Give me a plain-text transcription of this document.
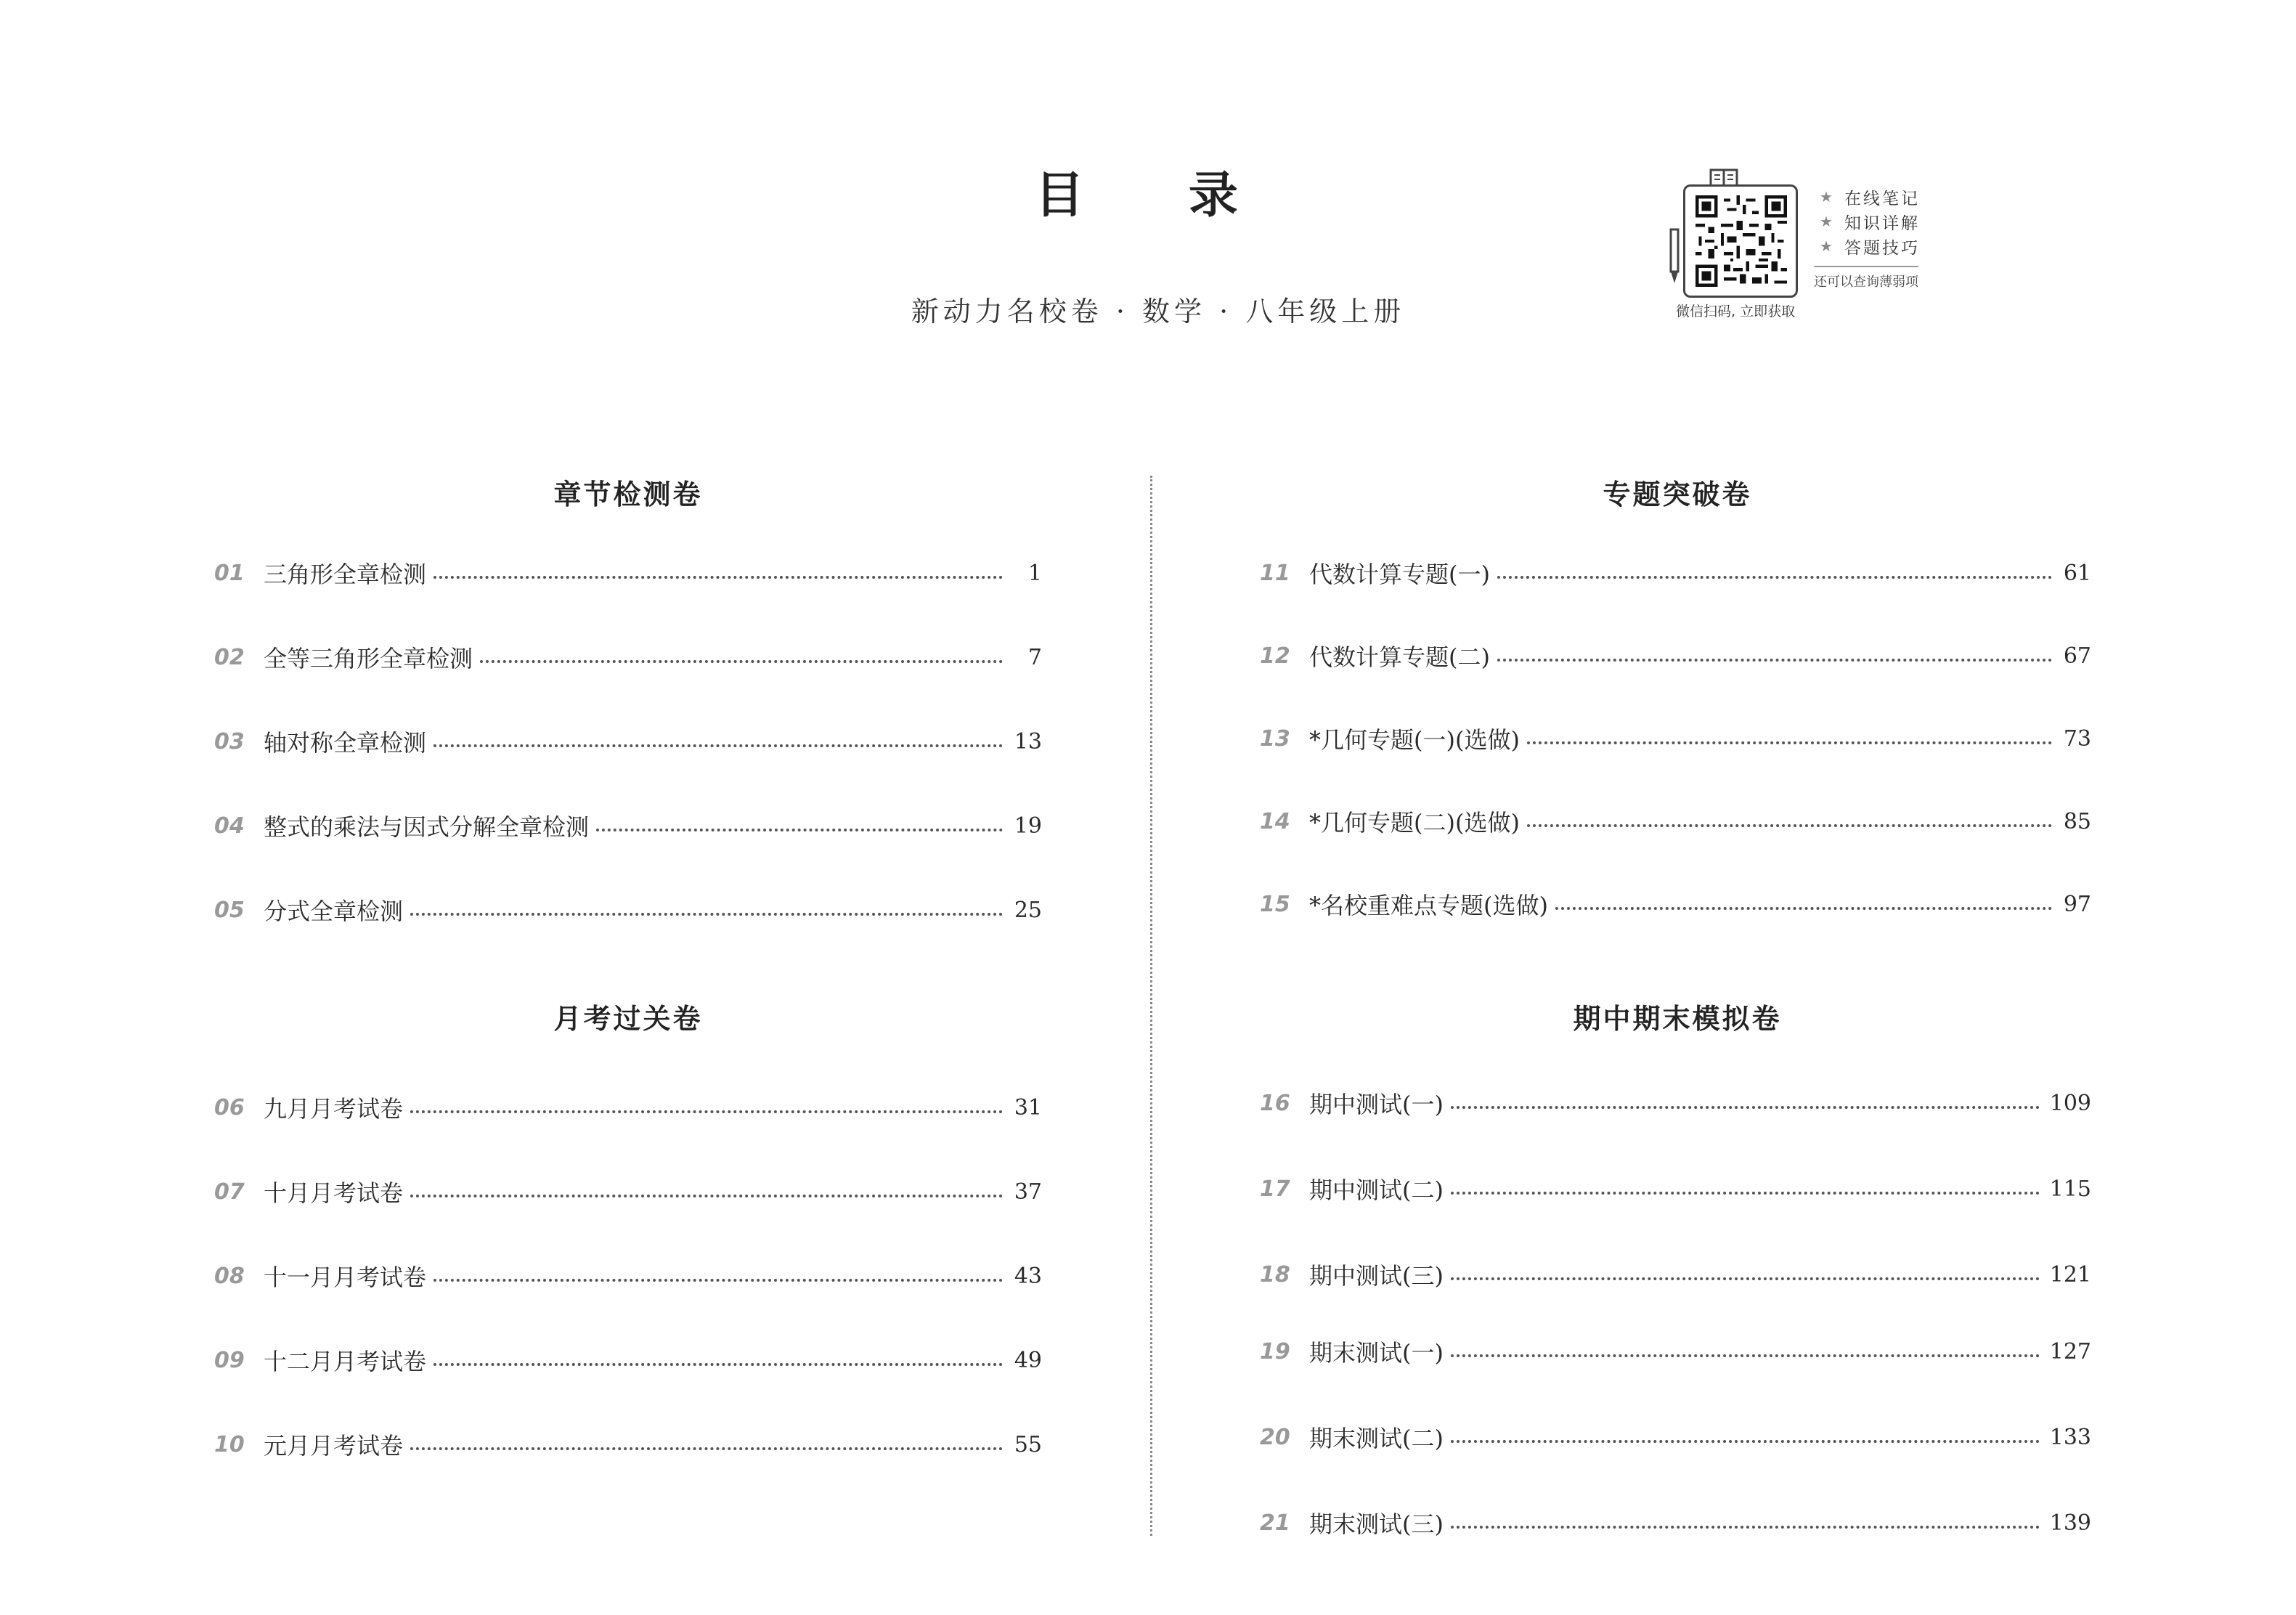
目 录
新动力名校卷 · 数学 · 八年级上册	微信扫码, 立即获取
★ 在线笔记
★ 知识详解
★ 答题技巧
还可以查询薄弱项
章节检测卷
01 三角形全章检测	1
02 全等三角形全章检测	7
03 轴对称全章检测	13
04 整式的乘法与因式分解全章检测	19
05 分式全章检测	25
月考过关卷
06 九月月考试卷	31
07 十月月考试卷	37
08 十一月月考试卷	43
09 十二月月考试卷	49
10 元月月考试卷	55
专题突破卷
11 代数计算专题(一)	61
12 代数计算专题(二)	67
13 *几何专题(一)(选做)	73
14 *几何专题(二)(选做)	85
15 *名校重难点专题(选做)	97
期中期末模拟卷
16 期中测试(一)	109
17 期中测试(二)	115
18 期中测试(三)	121
19 期末测试(一)	127
20 期末测试(二)	133
21 期末测试(三)	139
